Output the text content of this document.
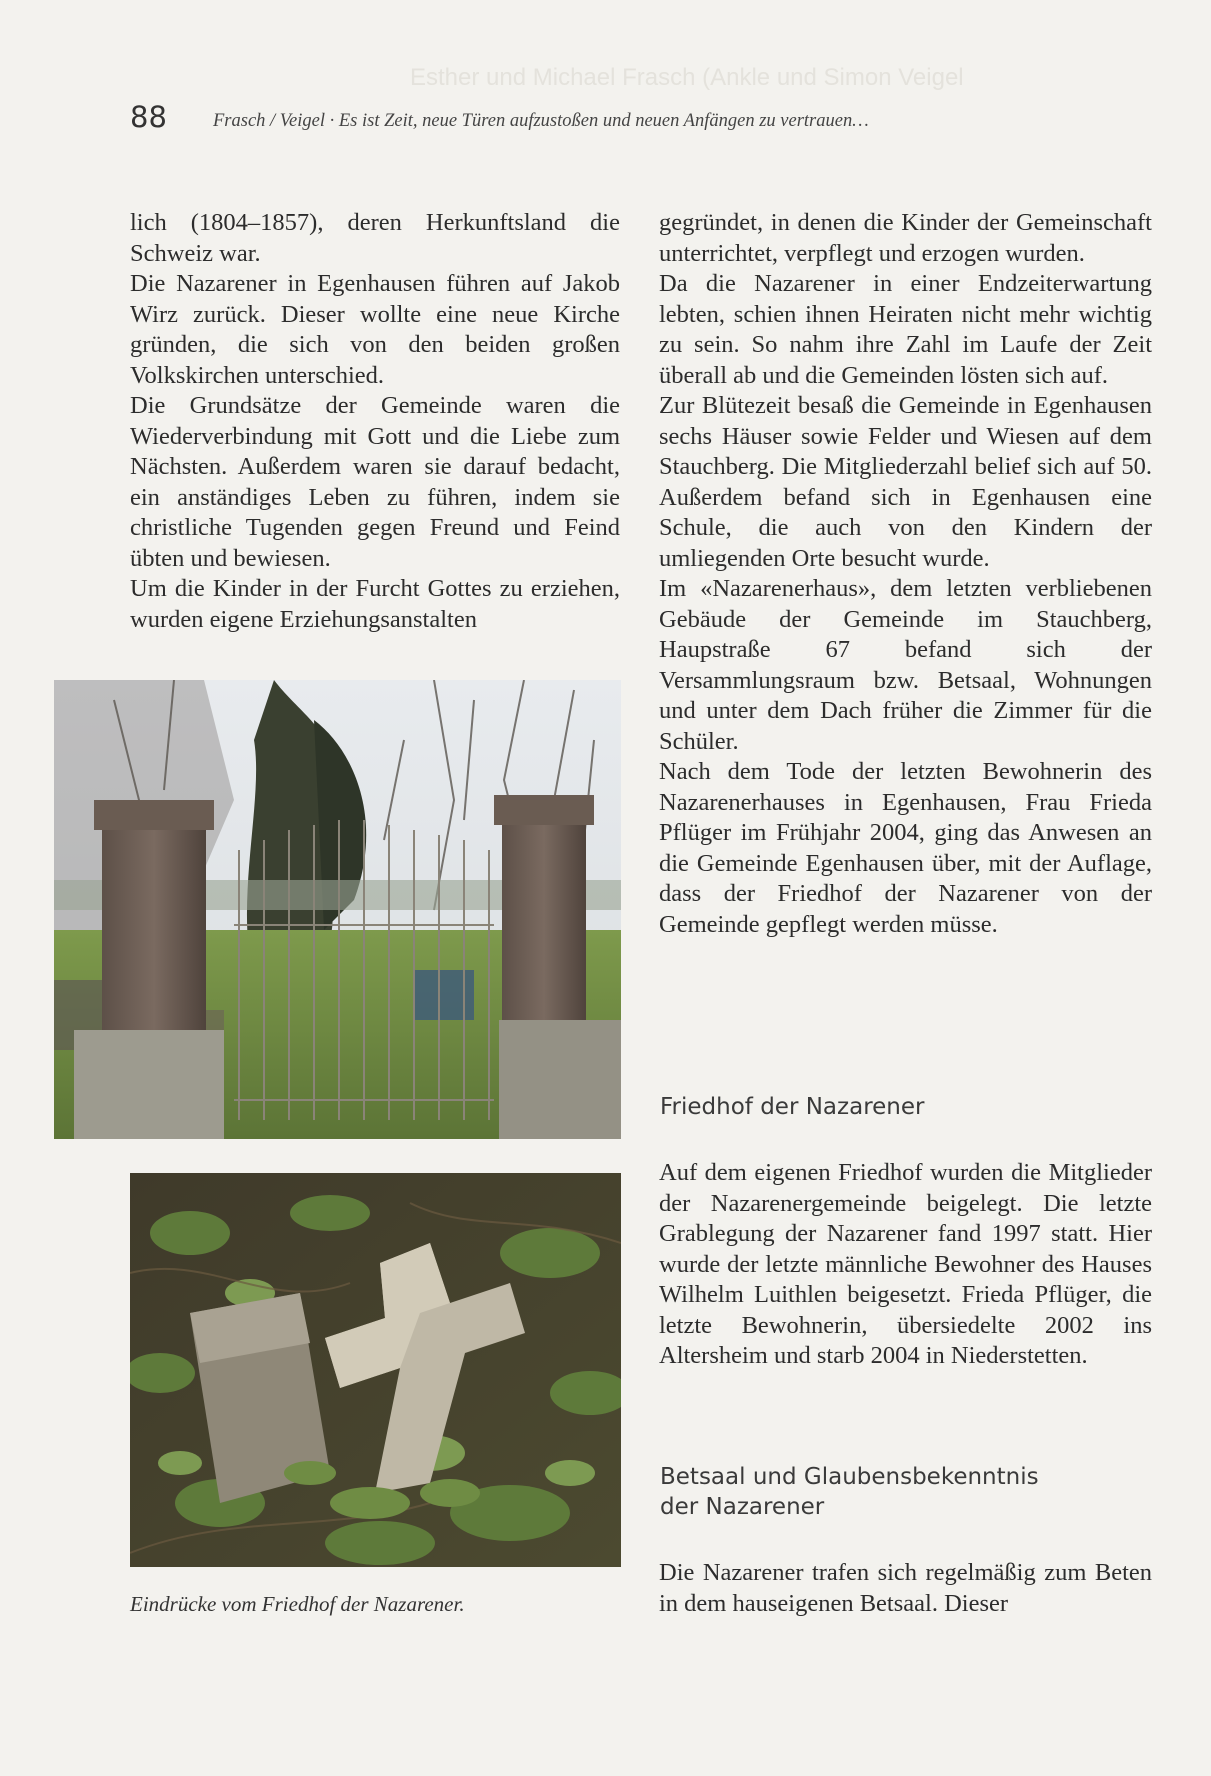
Esther und Michael Frasch (Ankle und Simon Veigel
88 Frasch / Veigel · Es ist Zeit, neue Türen aufzustoßen und neuen Anfängen zu vertrauen…

lich (1804–1857), deren Herkunftsland die Schweiz war.

Die Nazarener in Egenhausen führen auf Jakob Wirz zurück. Dieser wollte eine neue Kirche gründen, die sich von den beiden großen Volkskirchen unterschied.

Die Grundsätze der Gemeinde waren die Wiederverbindung mit Gott und die Liebe zum Nächsten. Außerdem waren sie darauf bedacht, ein anständiges Leben zu führen, indem sie christliche Tugenden gegen Freund und Feind übten und bewiesen.

Um die Kinder in der Furcht Gottes zu erziehen, wurden eigene Erziehungsanstalten

gegründet, in denen die Kinder der Gemeinschaft unterrichtet, verpflegt und erzogen wurden.

Da die Nazarener in einer Endzeiterwartung lebten, schien ihnen Heiraten nicht mehr wichtig zu sein. So nahm ihre Zahl im Laufe der Zeit überall ab und die Gemeinden lösten sich auf.

Zur Blütezeit besaß die Gemeinde in Egenhausen sechs Häuser sowie Felder und Wiesen auf dem Stauchberg. Die Mitgliederzahl belief sich auf 50. Außerdem befand sich in Egenhausen eine Schule, die auch von den Kindern der umliegenden Orte besucht wurde.

Im «Nazarenerhaus», dem letzten verbliebenen Gebäude der Gemeinde im Stauchberg, Haupstraße 67 befand sich der Versammlungsraum bzw. Betsaal, Wohnungen und unter dem Dach früher die Zimmer für die Schüler.

Nach dem Tode der letzten Bewohnerin des Nazarenerhauses in Egenhausen, Frau Frieda Pflüger im Frühjahr 2004, ging das Anwesen an die Gemeinde Egenhausen über, mit der Auflage, dass der Friedhof der Nazarener von der Gemeinde gepflegt werden müsse.

Friedhof der Nazarener

Auf dem eigenen Friedhof wurden die Mitglieder der Nazarenergemeinde beigelegt. Die letzte Grablegung der Nazarener fand 1997 statt. Hier wurde der letzte männliche Bewohner des Hauses Wilhelm Luithlen beigesetzt. Frieda Pflüger, die letzte Bewohnerin, übersiedelte 2002 ins Altersheim und starb 2004 in Niederstetten.

Betsaal und Glaubensbekenntnis
der Nazarener

Die Nazarener trafen sich regelmäßig zum Beten in dem hauseigenen Betsaal. Dieser

Eindrücke vom Friedhof der Nazarener.
